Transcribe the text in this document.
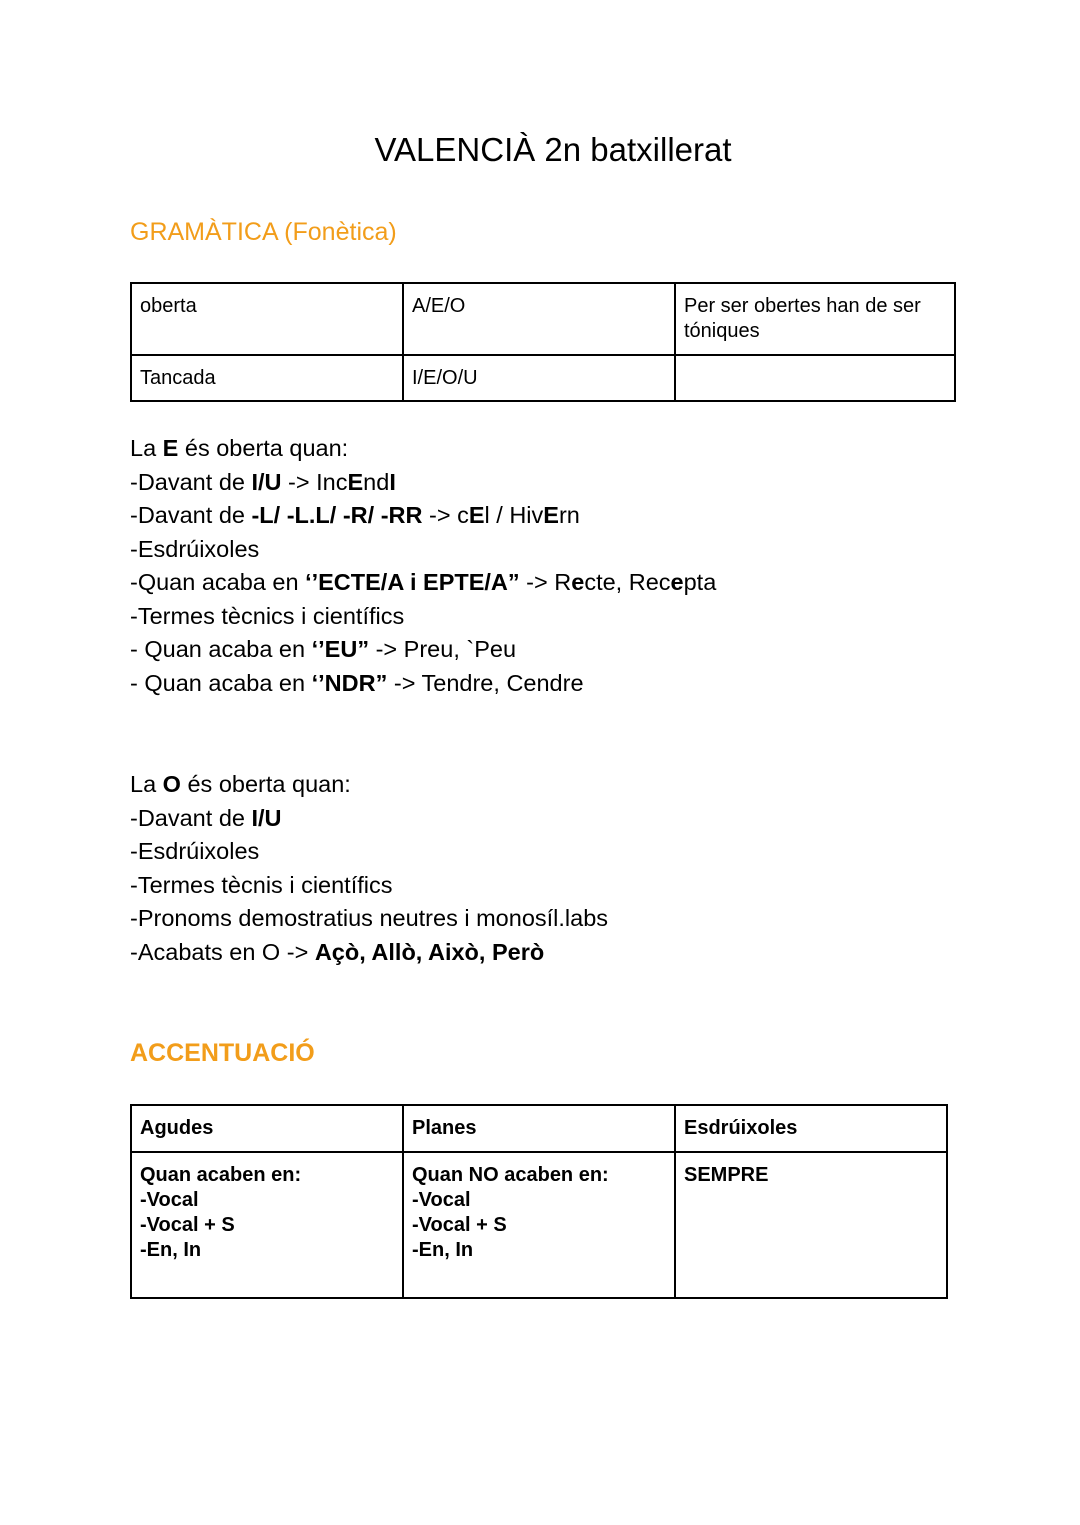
VALENCIÀ 2n batxillerat
GRAMÀTICA (Fonètica)
oberta	A/E/O	Per ser obertes han de ser tóniques
Tancada	I/E/O/U	
La E és oberta quan:
-Davant de I/U -> IncEndI
-Davant de -L/ -L.L/ -R/ -RR -> cEl / HivErn
-Esdrúixoles
-Quan acaba en ‘’ECTE/A i EPTE/A” -> Recte, Recepta
-Termes tècnics i científics
- Quan acaba en ‘’EU” -> Preu, `Peu
- Quan acaba en ‘’NDR” -> Tendre, Cendre
La O és oberta quan:
-Davant de I/U
-Esdrúixoles
-Termes tècnis i científics
-Pronoms demostratius neutres i monosíl.labs
-Acabats en O -> Açò, Allò, Això, Però
ACCENTUACIÓ
Agudes	Planes	Esdrúixoles
Quan acaben en:
-Vocal
-Vocal + S
-En, In	Quan NO acaben en:
-Vocal
-Vocal + S
-En, In	SEMPRE
